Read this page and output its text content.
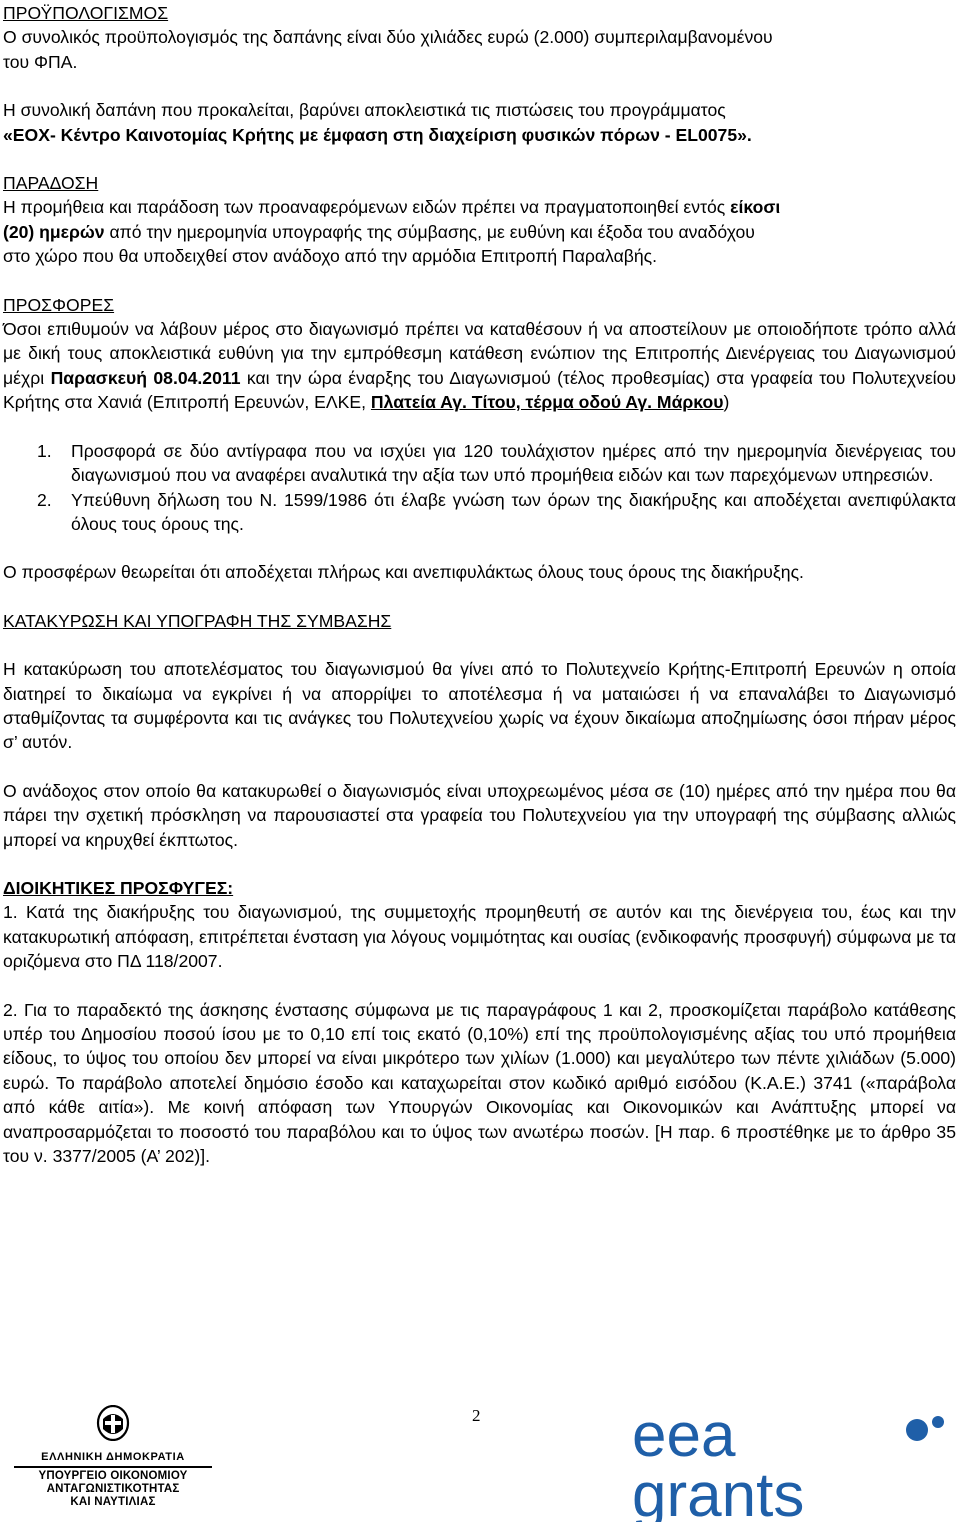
ΠΡΟΫΠΟΛΟΓΙΣΜΟΣ

Ο συνολικός προϋπολογισμός της δαπάνης είναι δύο χιλιάδες ευρώ (2.000) συμπεριλαμβανομένου

του ΦΠΑ.

Η συνολική δαπάνη που προκαλείται, βαρύνει αποκλειστικά τις πιστώσεις του προγράμματος

«ΕΟΧ- Κέντρο Καινοτομίας Κρήτης με έμφαση στη διαχείριση φυσικών πόρων - EL0075».

ΠΑΡΑΔΟΣΗ

Η προμήθεια και παράδοση των προαναφερόμενων ειδών πρέπει να πραγματοποιηθεί εντός είκοσι
(20) ημερών από την ημερομηνία υπογραφής της σύμβασης, με ευθύνη και έξοδα του αναδόχου

στο χώρο που θα υποδειχθεί στον ανάδοχο από την αρμόδια Επιτροπή Παραλαβής.

ΠΡΟΣΦΟΡΕΣ

Όσοι επιθυμούν να λάβουν μέρος στο διαγωνισμό πρέπει να καταθέσουν ή να αποστείλουν με οποιοδήποτε τρόπο αλλά με δική τους αποκλειστικά ευθύνη για την εμπρόθεσμη κατάθεση ενώπιον της Επιτροπής Διενέργειας του Διαγωνισμού μέχρι Παρασκευή 08.04.2011 και την ώρα έναρξης του Διαγωνισμού (τέλος προθεσμίας) στα γραφεία του Πολυτεχνείου Κρήτης στα Χανιά (Επιτροπή Ερευνών, ΕΛΚΕ, Πλατεία Αγ. Τίτου, τέρμα οδού Αγ. Μάρκου)

1. Προσφορά σε δύο αντίγραφα που να ισχύει για 120 τουλάχιστον ημέρες από την ημερομηνία διενέργειας του διαγωνισμού που να αναφέρει αναλυτικά την αξία των υπό προμήθεια ειδών και των παρεχόμενων υπηρεσιών.

2. Υπεύθυνη δήλωση του Ν. 1599/1986 ότι έλαβε γνώση των όρων της διακήρυξης και αποδέχεται ανεπιφύλακτα όλους τους όρους της.

Ο προσφέρων θεωρείται ότι αποδέχεται πλήρως και ανεπιφυλάκτως όλους τους όρους της διακήρυξης.

ΚΑΤΑΚΥΡΩΣΗ ΚΑΙ ΥΠΟΓΡΑΦΗ ΤΗΣ ΣΥΜΒΑΣΗΣ

Η κατακύρωση του αποτελέσματος του διαγωνισμού θα γίνει από το Πολυτεχνείο Κρήτης-Επιτροπή Ερευνών η οποία διατηρεί το δικαίωμα να εγκρίνει ή να απορρίψει το αποτέλεσμα ή να ματαιώσει ή να επαναλάβει το Διαγωνισμό σταθμίζοντας τα συμφέροντα και τις ανάγκες του Πολυτεχνείου χωρίς να έχουν δικαίωμα αποζημίωσης όσοι πήραν μέρος σ’ αυτόν.

Ο ανάδοχος στον οποίο θα κατακυρωθεί ο διαγωνισμός είναι υποχρεωμένος μέσα σε (10) ημέρες από την ημέρα που θα πάρει την σχετική πρόσκληση να παρουσιαστεί στα γραφεία του Πολυτεχνείου για την υπογραφή της σύμβασης αλλιώς μπορεί να κηρυχθεί έκπτωτος.

ΔΙΟΙΚΗΤΙΚΕΣ ΠΡΟΣΦΥΓΕΣ:

1. Κατά της διακήρυξης του διαγωνισμού, της συμμετοχής προμηθευτή σε αυτόν και της διενέργεια του, έως και την κατακυρωτική απόφαση, επιτρέπεται ένσταση για λόγους νομιμότητας και ουσίας (ενδικοφανής προσφυγή) σύμφωνα με τα οριζόμενα στο ΠΔ 118/2007.

2. Για το παραδεκτό της άσκησης ένστασης σύμφωνα με τις παραγράφους 1 και 2, προσκομίζεται παράβολο κατάθεσης υπέρ του Δημοσίου ποσού ίσου με το 0,10 επί τοις εκατό (0,10%) επί της προϋπολογισμένης αξίας του υπό προμήθεια είδους, το ύψος του οποίου δεν μπορεί να είναι μικρότερο των χιλίων (1.000) και μεγαλύτερο των πέντε χιλιάδων (5.000) ευρώ. Το παράβολο αποτελεί δημόσιο έσοδο και καταχωρείται στον κωδικό αριθμό εισόδου (Κ.Α.Ε.) 3741 («παράβολα από κάθε αιτία»). Με κοινή απόφαση των Υπουργών Οικονομίας και Οικονομικών και Ανάπτυξης μπορεί να αναπροσαρμόζεται το ποσοστό του παραβόλου και το ύψος των ανωτέρω ποσών. [Η παρ. 6 προστέθηκε με το άρθρο 35 του ν. 3377/2005 (Α’ 202)].

2
ΕΛΛΗΝΙΚΗ ΔΗΜΟΚΡΑΤΙΑ
ΥΠΟΥΡΓΕΙΟ ΟΙΚΟΝΟΜΙΟΥ
ΑΝΤΑΓΩΝΙΣΤΙΚΟΤΗΤΑΣ
ΚΑΙ ΝΑΥΤΙΛΙΑΣ
eea
grants
